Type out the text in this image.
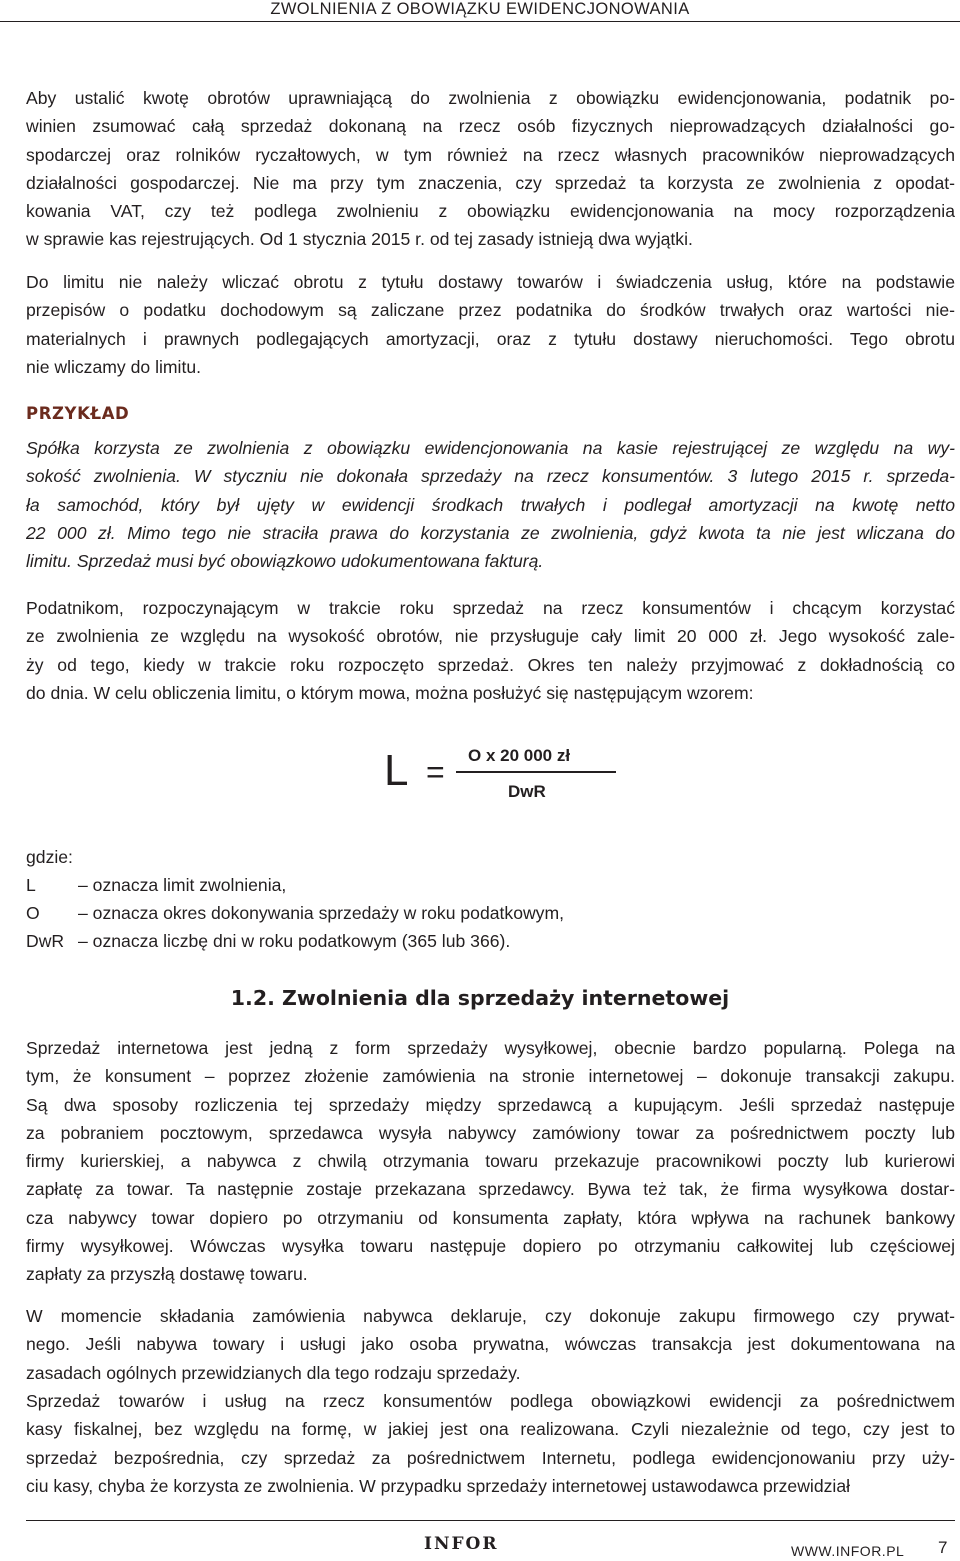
ZWOLNIENIA Z OBOWIĄZKU EWIDENCJONOWANIA
Aby ustalić kwotę obrotów uprawniającą do zwolnienia z obowiązku ewidencjonowania, podatnik po-
winien zsumować całą sprzedaż dokonaną na rzecz osób fizycznych nieprowadzących działalności go-
spodarczej oraz rolników ryczałtowych, w tym również na rzecz własnych pracowników nieprowadzących
działalności gospodarczej. Nie ma przy tym znaczenia, czy sprzedaż ta korzysta ze zwolnienia z opodat-
kowania VAT, czy też podlega zwolnieniu z obowiązku ewidencjonowania na mocy rozporządzenia
w sprawie kas rejestrujących. Od 1 stycznia 2015 r. od tej zasady istnieją dwa wyjątki.
Do limitu nie należy wliczać obrotu z tytułu dostawy towarów i świadczenia usług, które na podstawie
przepisów o podatku dochodowym są zaliczane przez podatnika do środków trwałych oraz wartości nie-
materialnych i prawnych podlegających amortyzacji, oraz z tytułu dostawy nieruchomości. Tego obrotu
nie wliczamy do limitu.
PRZYKŁAD
Spółka korzysta ze zwolnienia z obowiązku ewidencjonowania na kasie rejestrującej ze względu na wy-
sokość zwolnienia. W styczniu nie dokonała sprzedaży na rzecz konsumentów. 3 lutego 2015 r. sprzeda-
ła samochód, który był ujęty w ewidencji środkach trwałych i podlegał amortyzacji na kwotę netto
22 000 zł. Mimo tego nie straciła prawa do korzystania ze zwolnienia, gdyż kwota ta nie jest wliczana do
limitu. Sprzedaż musi być obowiązkowo udokumentowana fakturą.
Podatnikom, rozpoczynającym w trakcie roku sprzedaż na rzecz konsumentów i chcącym korzystać
ze zwolnienia ze względu na wysokość obrotów, nie przysługuje cały limit 20 000 zł. Jego wysokość zale-
ży od tego, kiedy w trakcie roku rozpoczęto sprzedaż. Okres ten należy przyjmować z dokładnością co
do dnia. W celu obliczenia limitu, o którym mowa, można posłużyć się następującym wzorem:
L = O x 20 000 zł
DwR
gdzie:
L – oznacza limit zwolnienia,
O – oznacza okres dokonywania sprzedaży w roku podatkowym,
DwR – oznacza liczbę dni w roku podatkowym (365 lub 366).
1.2. Zwolnienia dla sprzedaży internetowej
Sprzedaż internetowa jest jedną z form sprzedaży wysyłkowej, obecnie bardzo popularną. Polega na
tym, że konsument – poprzez złożenie zamówienia na stronie internetowej – dokonuje transakcji zakupu.
Są dwa sposoby rozliczenia tej sprzedaży między sprzedawcą a kupującym. Jeśli sprzedaż następuje
za pobraniem pocztowym, sprzedawca wysyła nabywcy zamówiony towar za pośrednictwem poczty lub
firmy kurierskiej, a nabywca z chwilą otrzymania towaru przekazuje pracownikowi poczty lub kurierowi
zapłatę za towar. Ta następnie zostaje przekazana sprzedawcy. Bywa też tak, że firma wysyłkowa dostar-
cza nabywcy towar dopiero po otrzymaniu od konsumenta zapłaty, która wpływa na rachunek bankowy
firmy wysyłkowej. Wówczas wysyłka towaru następuje dopiero po otrzymaniu całkowitej lub częściowej
zapłaty za przyszłą dostawę towaru.
W momencie składania zamówienia nabywca deklaruje, czy dokonuje zakupu firmowego czy prywat-
nego. Jeśli nabywa towary i usługi jako osoba prywatna, wówczas transakcja jest dokumentowana na
zasadach ogólnych przewidzianych dla tego rodzaju sprzedaży.
Sprzedaż towarów i usług na rzecz konsumentów podlega obowiązkowi ewidencji za pośrednictwem
kasy fiskalnej, bez względu na formę, w jakiej jest ona realizowana. Czyli niezależnie od tego, czy jest to
sprzedaż bezpośrednia, czy sprzedaż za pośrednictwem Internetu, podlega ewidencjonowaniu przy uży-
ciu kasy, chyba że korzysta ze zwolnienia. W przypadku sprzedaży internetowej ustawodawca przewidział
INFOR	WWW.INFOR.PL 7
